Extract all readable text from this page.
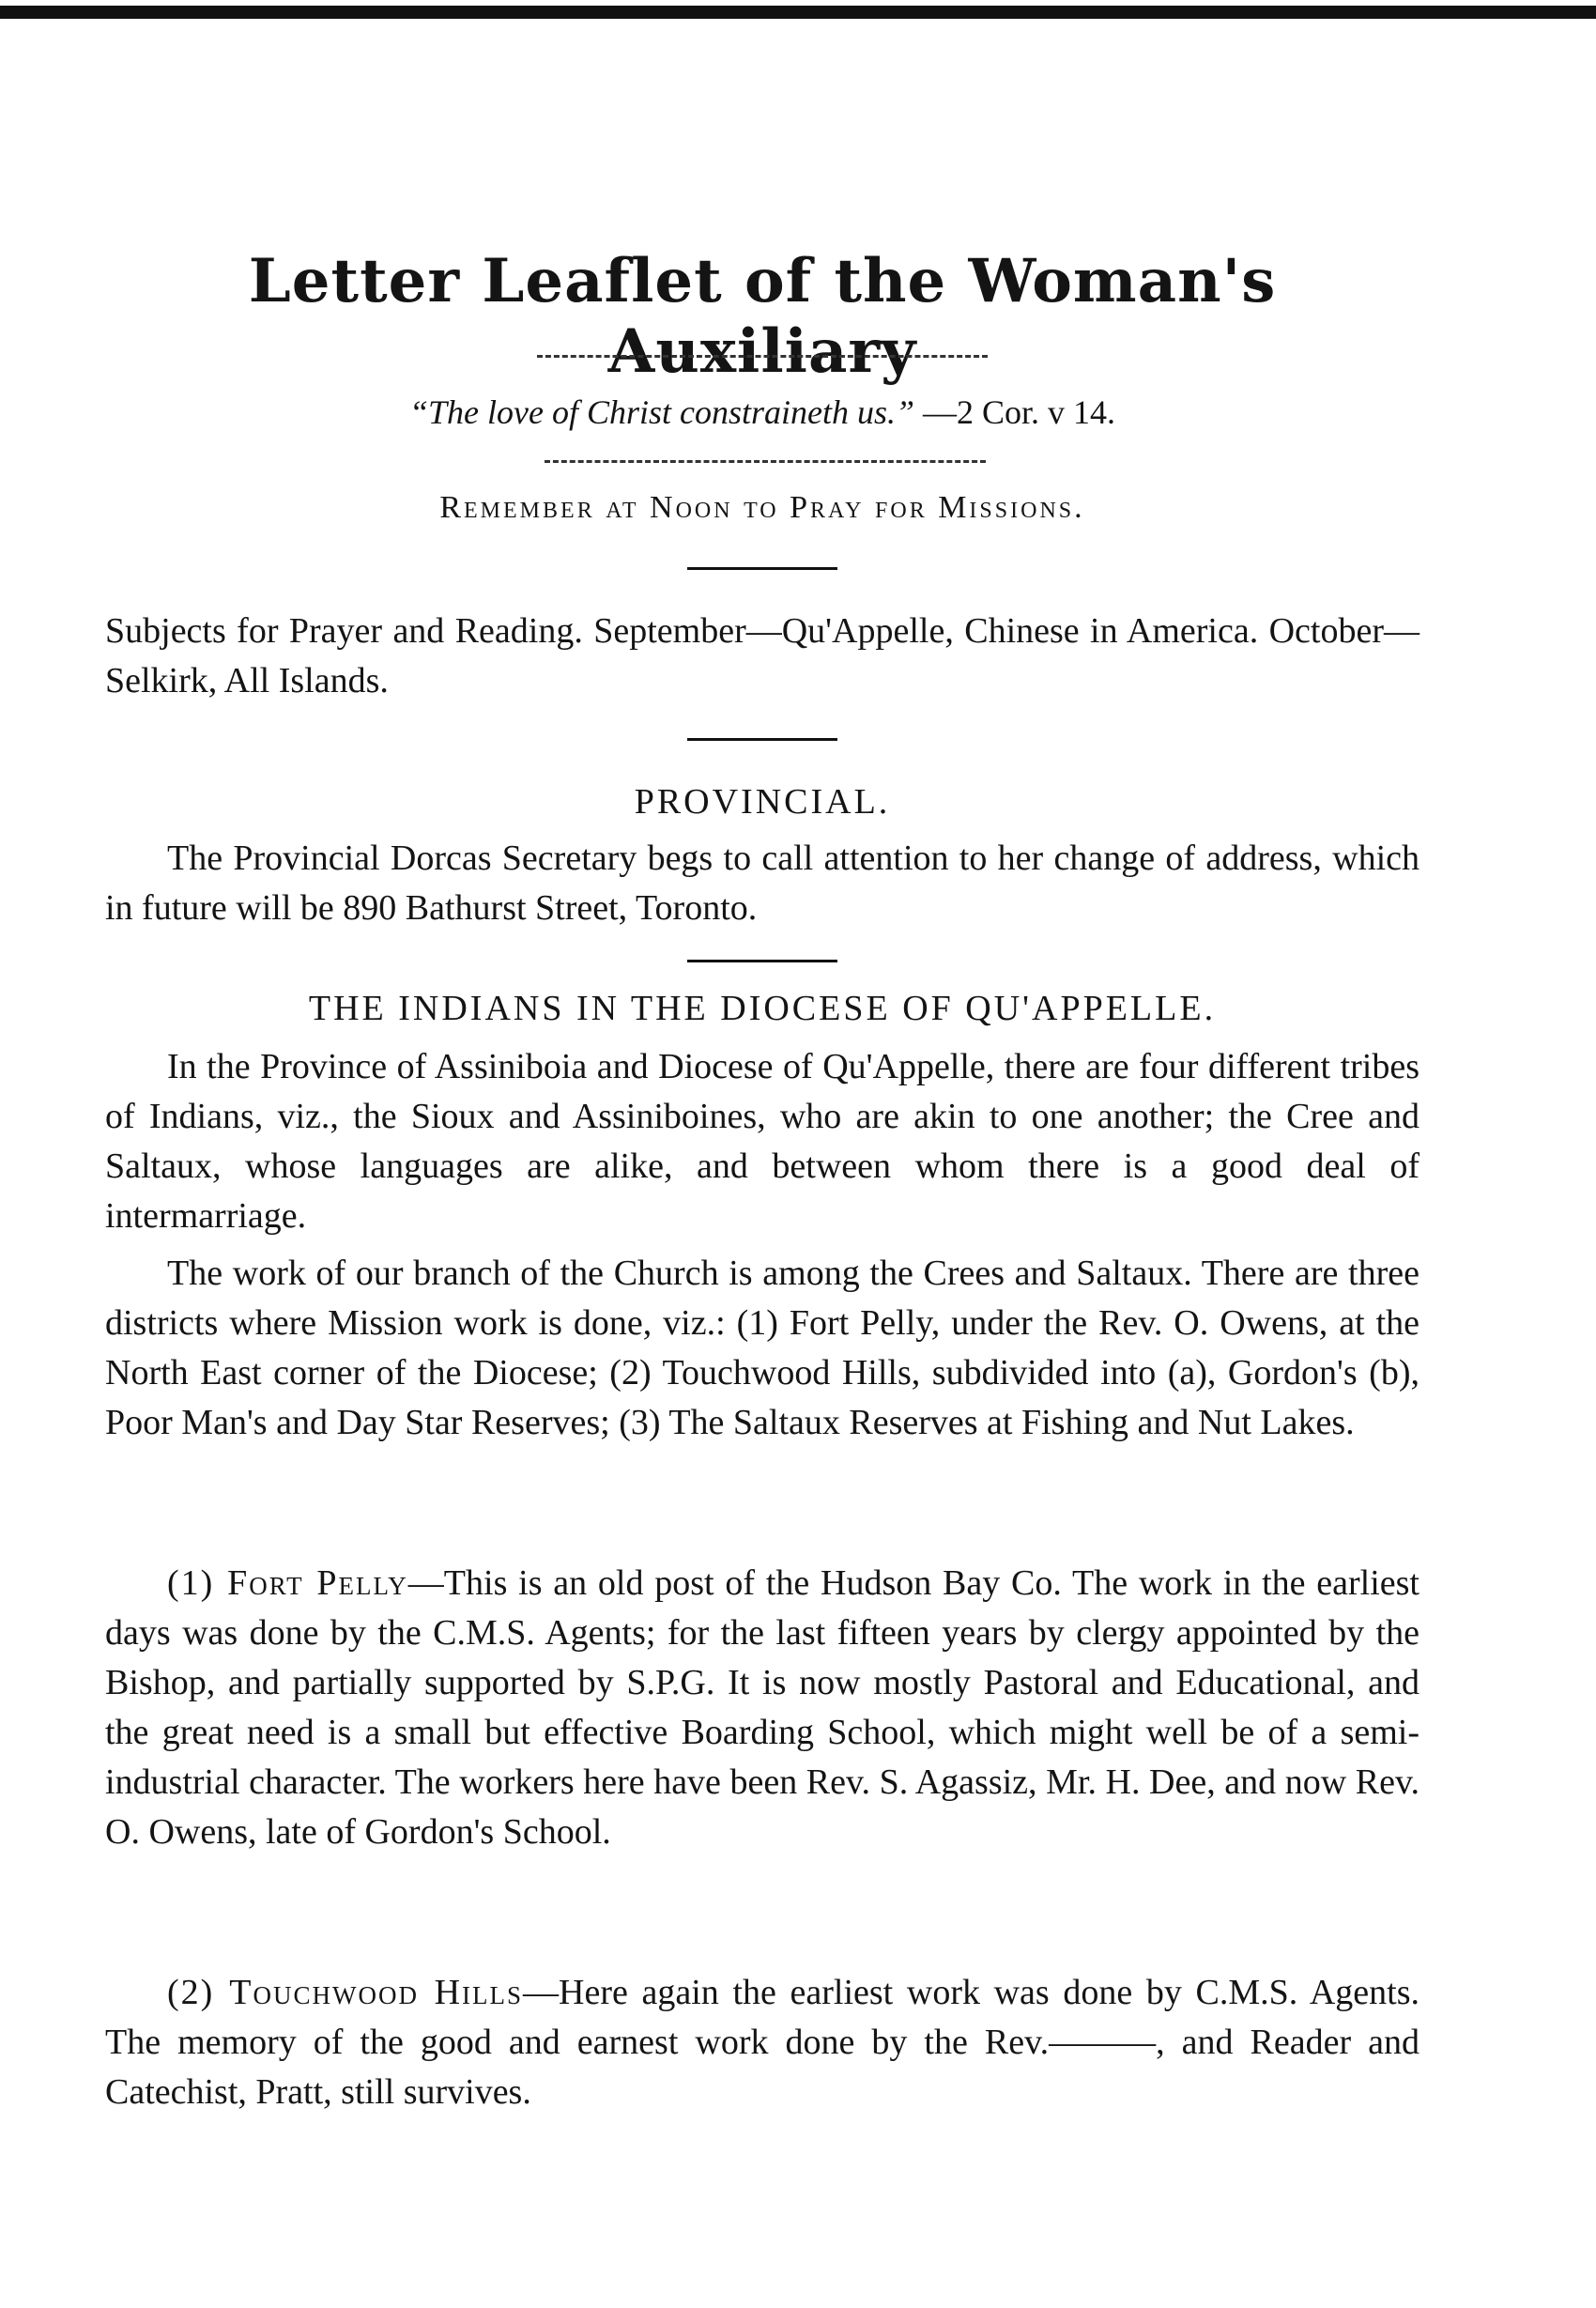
Letter Leaflet of the Woman's Auxiliary
“The love of Christ constraineth us.” —2 Cor. v 14.
Remember at Noon to Pray for Missions.
Subjects for Prayer and Reading. September—Qu'Appelle, Chinese in America. October—Selkirk, All Islands.
PROVINCIAL.
The Provincial Dorcas Secretary begs to call attention to her change of address, which in future will be 890 Bathurst Street, Toronto.
THE INDIANS IN THE DIOCESE OF QU'APPELLE.
In the Province of Assiniboia and Diocese of Qu'Appelle, there are four different tribes of Indians, viz., the Sioux and Assiniboines, who are akin to one another; the Cree and Saltaux, whose languages are alike, and between whom there is a good deal of intermarriage.
The work of our branch of the Church is among the Crees and Saltaux. There are three districts where Mission work is done, viz.: (1) Fort Pelly, under the Rev. O. Owens, at the North East corner of the Diocese; (2) Touchwood Hills, subdivided into (a), Gordon's (b), Poor Man's and Day Star Reserves; (3) The Saltaux Reserves at Fishing and Nut Lakes.
(1) Fort Pelly—This is an old post of the Hudson Bay Co. The work in the earliest days was done by the C.M.S. Agents; for the last fifteen years by clergy appointed by the Bishop, and partially supported by S.P.G. It is now mostly Pastoral and Educational, and the great need is a small but effective Boarding School, which might well be of a semi-industrial character. The workers here have been Rev. S. Agassiz, Mr. H. Dee, and now Rev. O. Owens, late of Gordon's School.
(2) Touchwood Hills—Here again the earliest work was done by C.M.S. Agents. The memory of the good and earnest work done by the Rev.———, and Reader and Catechist, Pratt, still survives.
